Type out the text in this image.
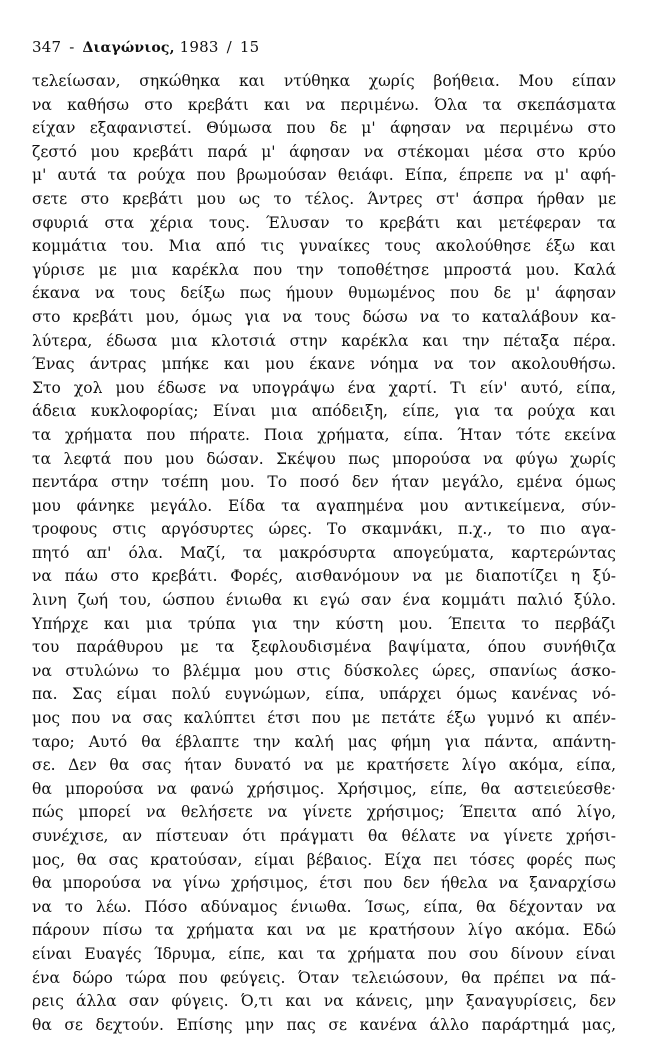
347 - Διαγώνιος, 1983 / 15
τελείωσαν, σηκώθηκα και ντύθηκα χωρίς βοήθεια. Μου είπαν
να καθήσω στο κρεβάτι και να περιμένω. Όλα τα σκεπάσματα
είχαν εξαφανιστεί. Θύμωσα που δε μ' άφησαν να περιμένω στο
ζεστό μου κρεβάτι παρά μ' άφησαν να στέκομαι μέσα στο κρύο
μ' αυτά τα ρούχα που βρωμούσαν θειάφι. Είπα, έπρεπε να μ' αφή-
σετε στο κρεβάτι μου ως το τέλος. Άντρες στ' άσπρα ήρθαν με
σφυριά στα χέρια τους. Έλυσαν το κρεβάτι και μετέφεραν τα
κομμάτια του. Μια από τις γυναίκες τους ακολούθησε έξω και
γύρισε με μια καρέκλα που την τοποθέτησε μπροστά μου. Καλά
έκανα να τους δείξω πως ήμουν θυμωμένος που δε μ' άφησαν
στο κρεβάτι μου, όμως για να τους δώσω να το καταλάβουν κα-
λύτερα, έδωσα μια κλοτσιά στην καρέκλα και την πέταξα πέρα.
Ένας άντρας μπήκε και μου έκανε νόημα να τον ακολουθήσω.
Στο χολ μου έδωσε να υπογράψω ένα χαρτί. Τι είν' αυτό, είπα,
άδεια κυκλοφορίας; Είναι μια απόδειξη, είπε, για τα ρούχα και
τα χρήματα που πήρατε. Ποια χρήματα, είπα. Ήταν τότε εκείνα
τα λεφτά που μου δώσαν. Σκέψου πως μπορούσα να φύγω χωρίς
πεντάρα στην τσέπη μου. Το ποσό δεν ήταν μεγάλο, εμένα όμως
μου φάνηκε μεγάλο. Είδα τα αγαπημένα μου αντικείμενα, σύν-
τροφους στις αργόσυρτες ώρες. Το σκαμνάκι, π.χ., το πιο αγα-
πητό απ' όλα. Μαζί, τα μακρόσυρτα απογεύματα, καρτερώντας
να πάω στο κρεβάτι. Φορές, αισθανόμουν να με διαποτίζει η ξύ-
λινη ζωή του, ώσπου ένιωθα κι εγώ σαν ένα κομμάτι παλιό ξύλο.
Υπήρχε και μια τρύπα για την κύστη μου. Έπειτα το περβάζι
του παράθυρου με τα ξεφλουδισμένα βαψίματα, όπου συνήθιζα
να στυλώνω το βλέμμα μου στις δύσκολες ώρες, σπανίως άσκο-
πα. Σας είμαι πολύ ευγνώμων, είπα, υπάρχει όμως κανένας νό-
μος που να σας καλύπτει έτσι που με πετάτε έξω γυμνό κι απέν-
ταρο; Αυτό θα έβλαπτε την καλή μας φήμη για πάντα, απάντη-
σε. Δεν θα σας ήταν δυνατό να με κρατήσετε λίγο ακόμα, είπα,
θα μπορούσα να φανώ χρήσιμος. Χρήσιμος, είπε, θα αστειεύεσθε·
πώς μπορεί να θελήσετε να γίνετε χρήσιμος; Έπειτα από λίγο,
συνέχισε, αν πίστευαν ότι πράγματι θα θέλατε να γίνετε χρήσι-
μος, θα σας κρατούσαν, είμαι βέβαιος. Είχα πει τόσες φορές πως
θα μπορούσα να γίνω χρήσιμος, έτσι που δεν ήθελα να ξαναρχίσω
να το λέω. Πόσο αδύναμος ένιωθα. Ίσως, είπα, θα δέχονταν να
πάρουν πίσω τα χρήματα και να με κρατήσουν λίγο ακόμα. Εδώ
είναι Ευαγές Ίδρυμα, είπε, και τα χρήματα που σου δίνουν είναι
ένα δώρο τώρα που φεύγεις. Όταν τελειώσουν, θα πρέπει να πά-
ρεις άλλα σαν φύγεις. Ό,τι και να κάνεις, μην ξαναγυρίσεις, δεν
θα σε δεχτούν. Επίσης μην πας σε κανένα άλλο παράρτημά μας,
